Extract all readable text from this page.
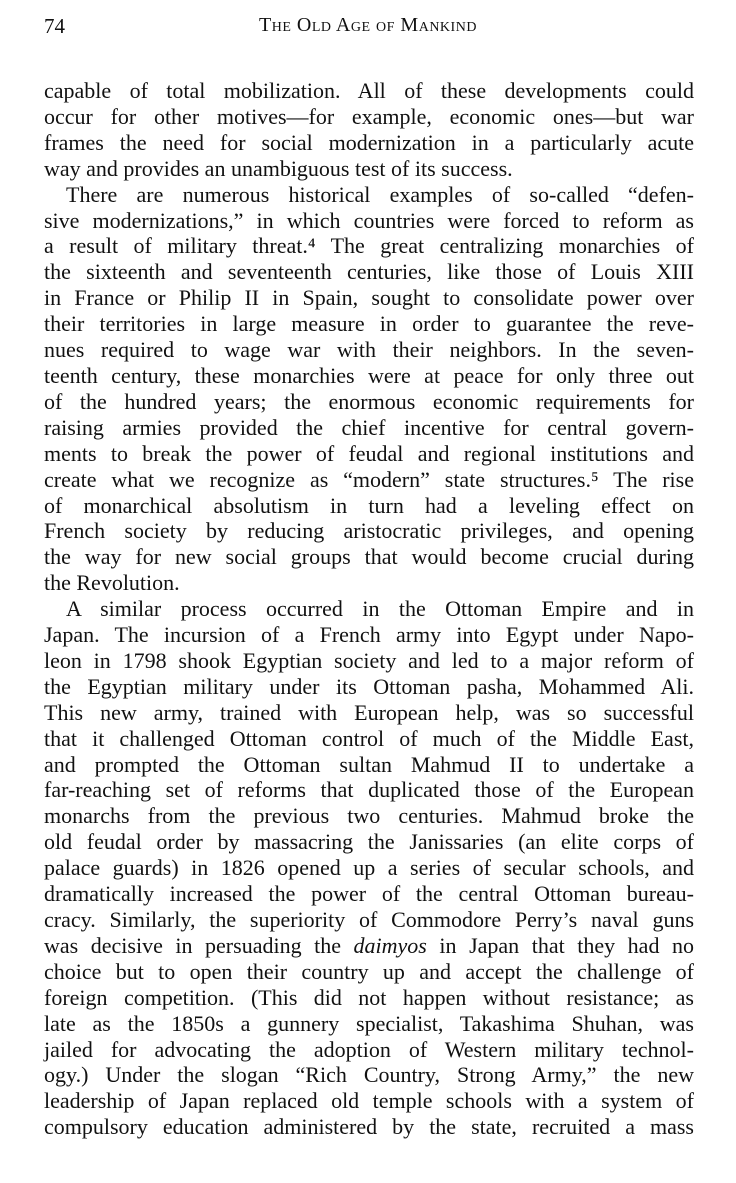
74	The Old Age of Mankind
capable of total mobilization. All of these developments could
occur for other motives—for example, economic ones—but war
frames the need for social modernization in a particularly acute
way and provides an unambiguous test of its success.
There are numerous historical examples of so-called “defen-
sive modernizations,” in which countries were forced to reform as
a result of military threat.⁴ The great centralizing monarchies of
the sixteenth and seventeenth centuries, like those of Louis XIII
in France or Philip II in Spain, sought to consolidate power over
their territories in large measure in order to guarantee the reve-
nues required to wage war with their neighbors. In the seven-
teenth century, these monarchies were at peace for only three out
of the hundred years; the enormous economic requirements for
raising armies provided the chief incentive for central govern-
ments to break the power of feudal and regional institutions and
create what we recognize as “modern” state structures.⁵ The rise
of monarchical absolutism in turn had a leveling effect on
French society by reducing aristocratic privileges, and opening
the way for new social groups that would become crucial during
the Revolution.
A similar process occurred in the Ottoman Empire and in
Japan. The incursion of a French army into Egypt under Napo-
leon in 1798 shook Egyptian society and led to a major reform of
the Egyptian military under its Ottoman pasha, Mohammed Ali.
This new army, trained with European help, was so successful
that it challenged Ottoman control of much of the Middle East,
and prompted the Ottoman sultan Mahmud II to undertake a
far-reaching set of reforms that duplicated those of the European
monarchs from the previous two centuries. Mahmud broke the
old feudal order by massacring the Janissaries (an elite corps of
palace guards) in 1826 opened up a series of secular schools, and
dramatically increased the power of the central Ottoman bureau-
cracy. Similarly, the superiority of Commodore Perry’s naval guns
was decisive in persuading the daimyos in Japan that they had no
choice but to open their country up and accept the challenge of
foreign competition. (This did not happen without resistance; as
late as the 1850s a gunnery specialist, Takashima Shuhan, was
jailed for advocating the adoption of Western military technol-
ogy.) Under the slogan “Rich Country, Strong Army,” the new
leadership of Japan replaced old temple schools with a system of
compulsory education administered by the state, recruited a mass
